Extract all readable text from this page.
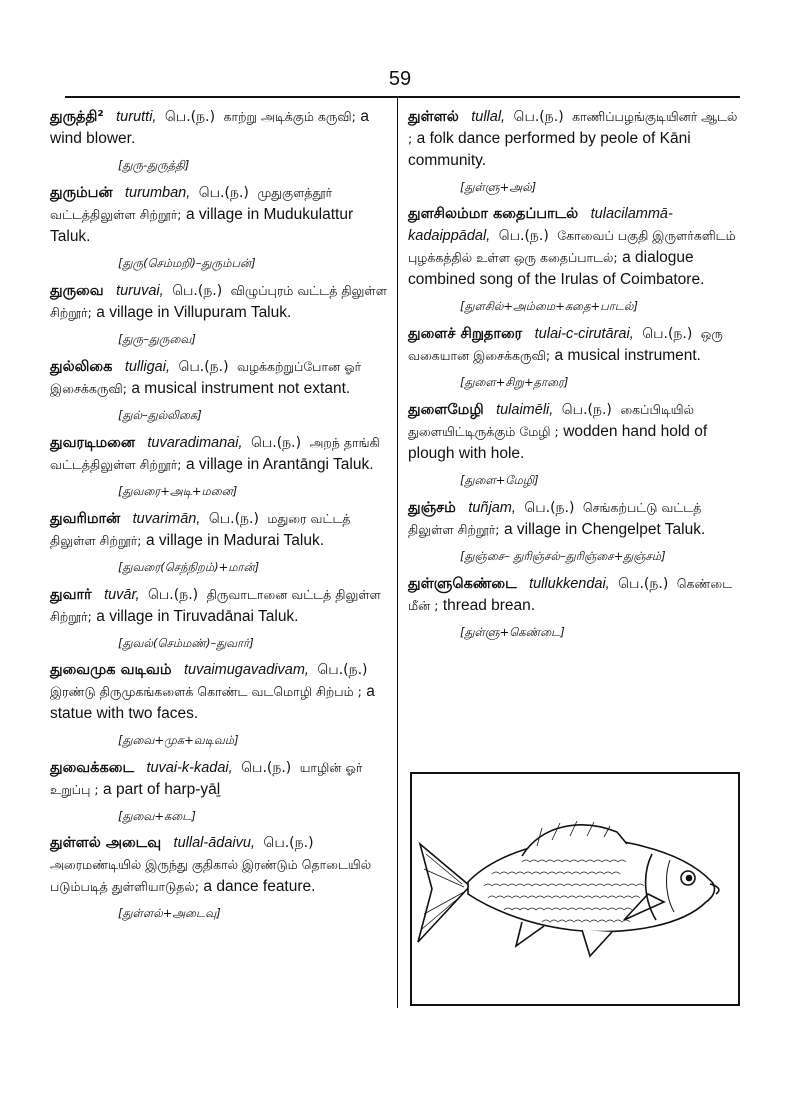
59
துருத்தி² turutti, பெ.(ந.) காற்று அடிக்கும் கருவி; a wind blower.
[துரு-துருத்தி]
துரும்பன் turumban, பெ.(ந.) முதுகுளத்தூர் வட்டத்திலுள்ள சிற்றூர்; a village in Mudukulattur Taluk.
[துரு(செம்மறி)–துரும்பன்]
துருவை turuvai, பெ.(ந.) விழுப்புரம் வட்டத் திலுள்ள சிற்றூர்; a village in Villupuram Taluk.
[துரு–துருவை]
துல்லிகை tulligai, பெ.(ந.) வழக்கற்றுப்போன ஓர் இசைக்கருவி; a musical instrument not extant.
[துல்–துல்லிகை]
துவரடிமனை tuvaradimanai, பெ.(ந.) அறந் தாங்கி வட்டத்திலுள்ள சிற்றூர்; a village in Arantāngi Taluk.
[துவரை+அடி+மனை]
துவரிமான் tuvarimān, பெ.(ந.) மதுரை வட்டத் திலுள்ள சிற்றூர்; a village in Madurai Taluk.
[துவரை(செந்நிறம்)+மான்]
துவார் tuvār, பெ.(ந.) திருவாடானை வட்டத் திலுள்ள சிற்றூர்; a village in Tiruvadānai Taluk.
[துவல்(செம்மண்)–துவார்]
துவைமுக வடிவம் tuvaimugavadivam, பெ.(ந.) இரண்டு திருமுகங்களைக் கொண்ட வடமொழி சிற்பம் ; a statue with two faces.
[துவை+முக+வடிவம்]
துவைக்கடை tuvai-k-kadai, பெ.(ந.) யாழின் ஓர் உறுப்பு ; a part of harp-yāḻ
[துவை+கடை]
துள்ளல் அடைவு tullal-ādaivu, பெ.(ந.) அரைமண்டியில் இருந்து குதிகால் இரண்டும் தொடையில் படும்படித் துள்ளியாடுதல்; a dance feature.
[துள்ளல்+அடைவு]
துள்ளல் tullal, பெ.(ந.) காணிப்பழங்குடியினர் ஆடல் ; a folk dance performed by peole of Kāni community.
[துள்ளு+அல்]
துளசிலம்மா கதைப்பாடல் tulacilammā-kadaippādal, பெ.(ந.) கோவைப் பகுதி இருளர்களிடம் புழக்கத்தில் உள்ள ஒரு கதைப்பாடல்; a dialogue combined song of the Irulas of Coimbatore.
[துளசில்+அம்மை+கதை+பாடல்]
துளைச் சிறுதாரை tulai-c-cirutārai, பெ.(ந.) ஒரு வகையான இசைக்கருவி; a musical instrument.
[துளை+சிறு+தாரை]
துளைமேழி tulaimēli, பெ.(ந.) கைப்பிடியில் துளையிட்டிருக்கும் மேழி ; wodden hand hold of plough with hole.
[துளை+மேழி]
துஞ்சம் tuñjam, பெ.(ந.) செங்கற்பட்டு வட்டத் திலுள்ள சிற்றூர்; a village in Chengelpet Taluk.
[துஞ்சை– துரிஞ்சல்–துரிஞ்சை+துஞ்சம்]
துள்ளுகெண்டை tullukkendai, பெ.(ந.) கெண்டை மீன் ; thread brean.
[துள்ளு+கெண்டை]
